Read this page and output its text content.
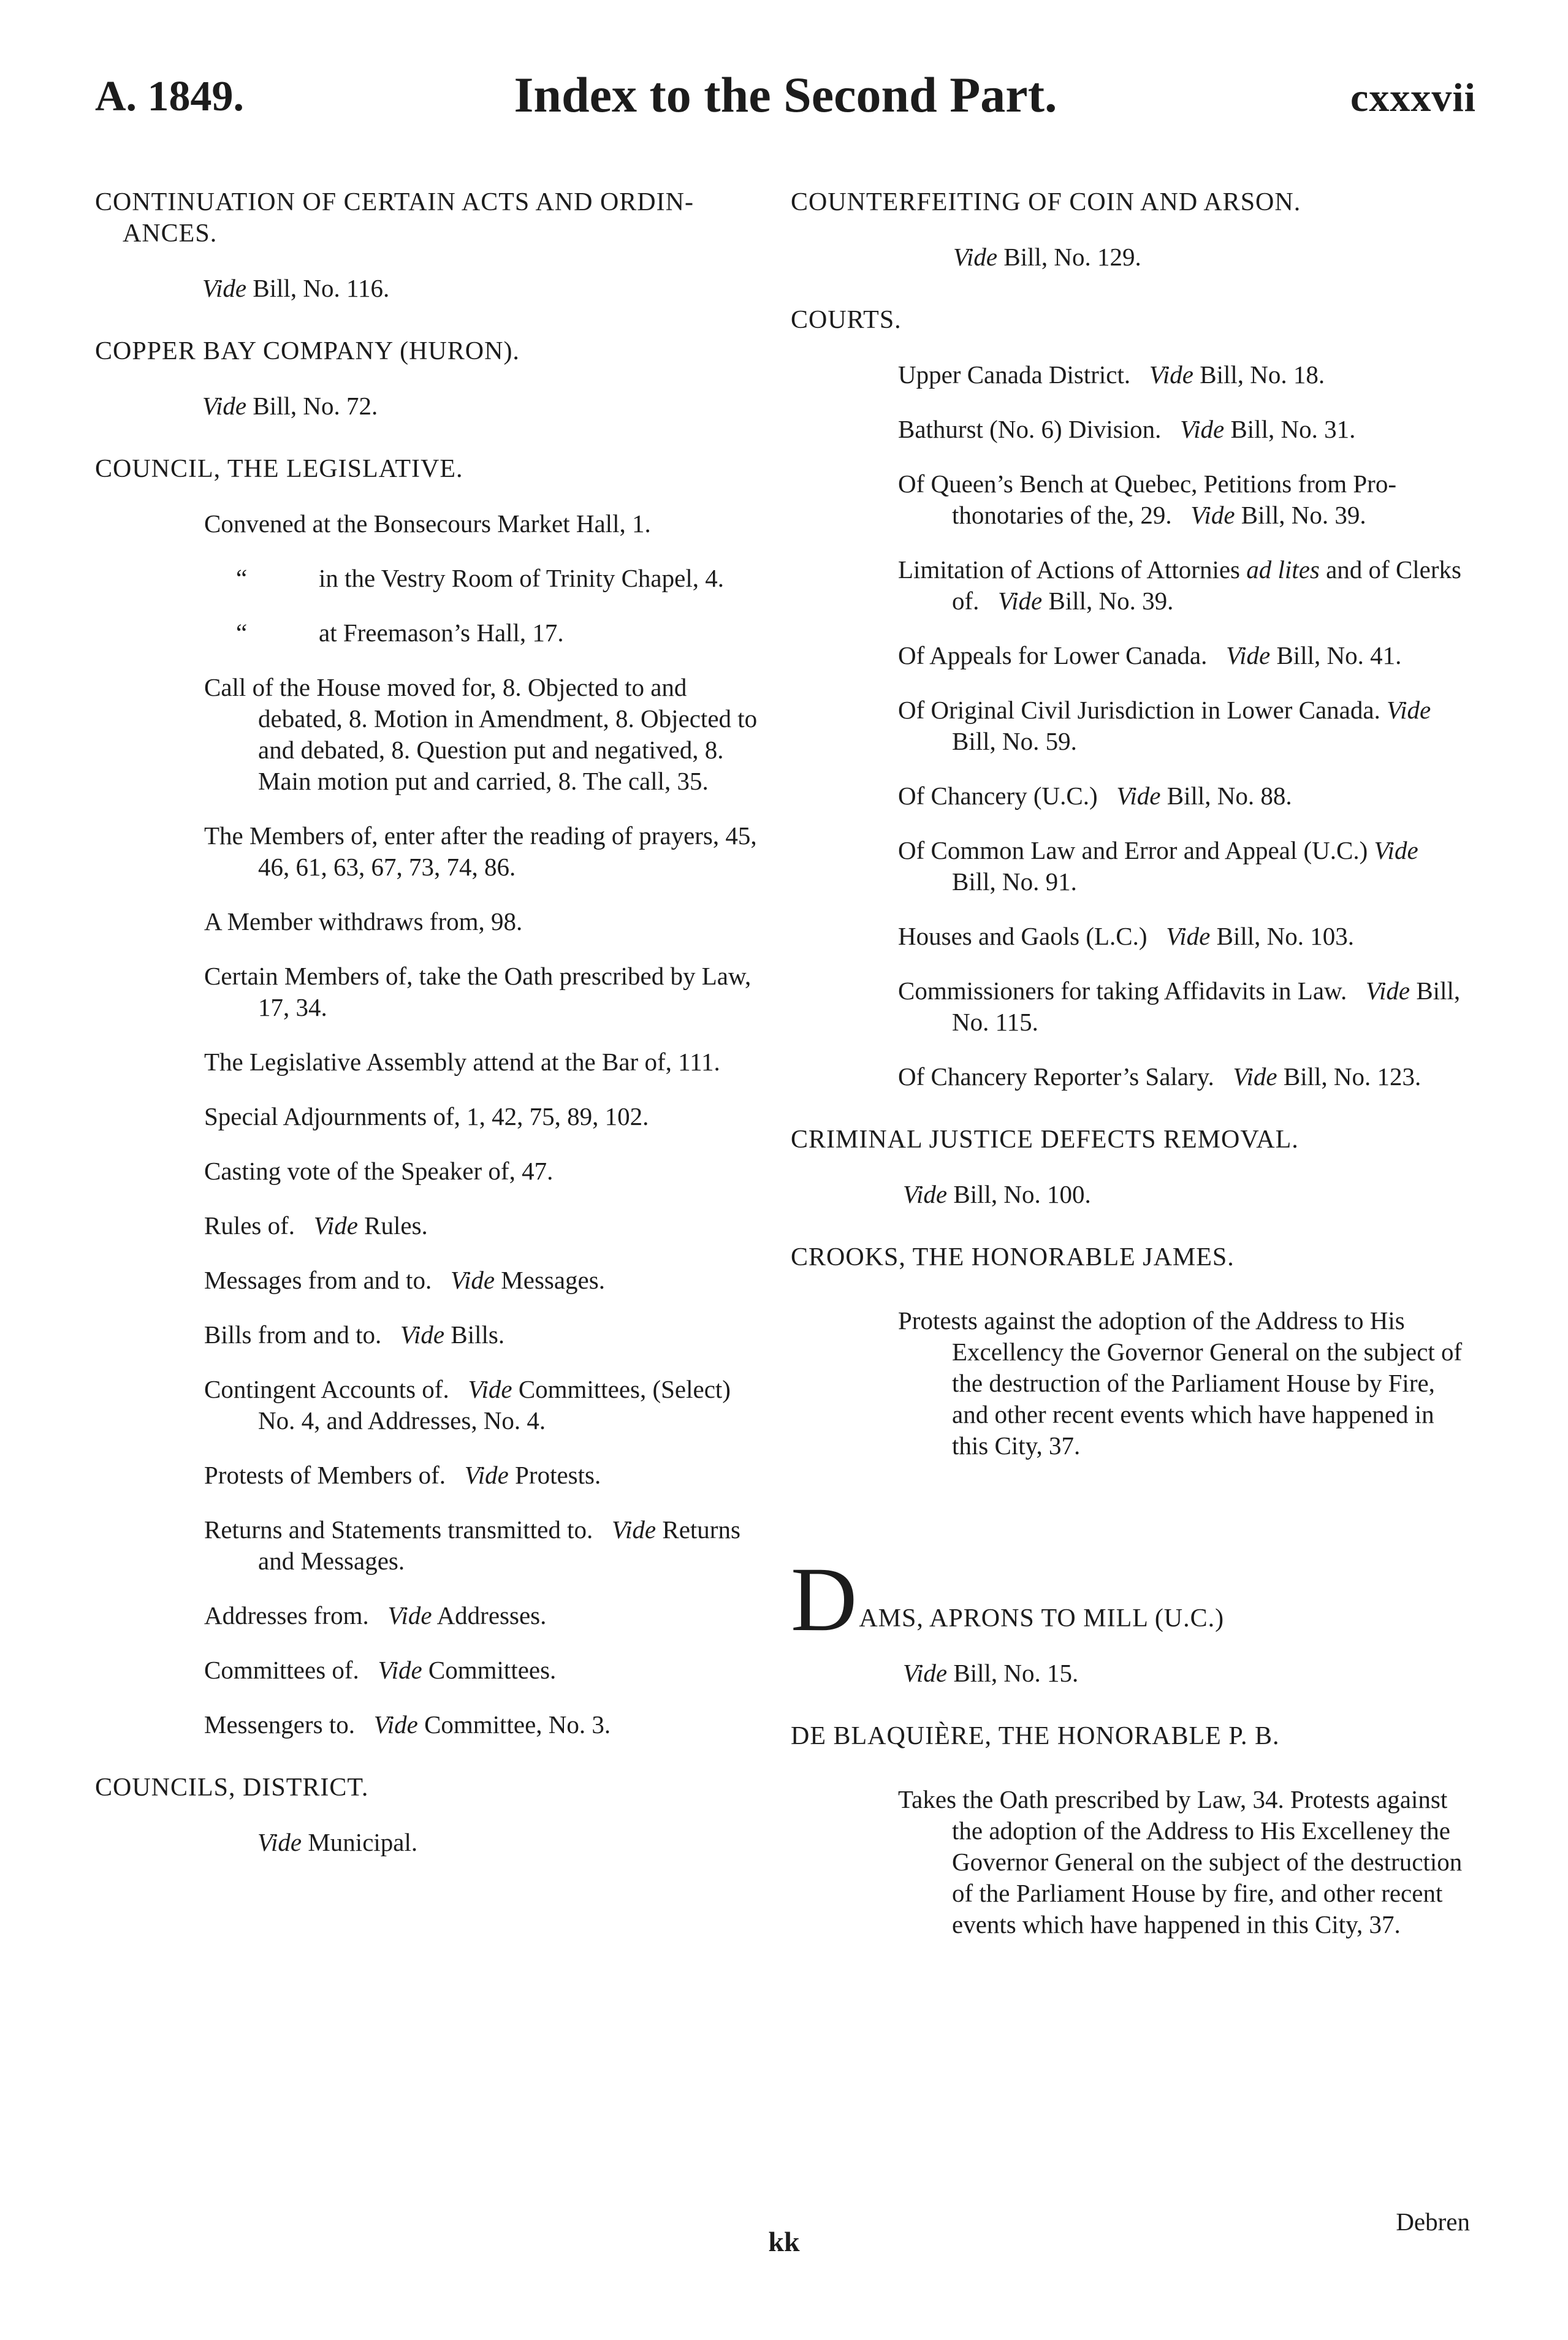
A. 1849.	Index to the Second Part.	cxxxvii
CONTINUATION OF CERTAIN ACTS AND ORDINANCES.
Vide Bill, No. 116.
COPPER BAY COMPANY (HURON).
Vide Bill, No. 72.
COUNCIL, THE LEGISLATIVE.
Convened at the Bonsecours Market Hall, 1.
“	in the Vestry Room of Trinity Chapel, 4.
“	at Freemason’s Hall, 17.
Call of the House moved for, 8. Objected to and debated, 8. Motion in Amendment, 8. Objected to and debated, 8. Question put and negatived, 8. Main motion put and carried, 8. The call, 35.
The Members of, enter after the reading of prayers, 45, 46, 61, 63, 67, 73, 74, 86.
A Member withdraws from, 98.
Certain Members of, take the Oath prescribed by Law, 17, 34.
The Legislative Assembly attend at the Bar of, 111.
Special Adjournments of, 1, 42, 75, 89, 102.
Casting vote of the Speaker of, 47.
Rules of. Vide Rules.
Messages from and to. Vide Messages.
Bills from and to. Vide Bills.
Contingent Accounts of. Vide Committees, (Select) No. 4, and Addresses, No. 4.
Protests of Members of. Vide Protests.
Returns and Statements transmitted to. Vide Returns and Messages.
Addresses from. Vide Addresses.
Committees of. Vide Committees.
Messengers to. Vide Committee, No. 3.
COUNCILS, DISTRICT.
Vide Municipal.
COUNTERFEITING OF COIN AND ARSON.
Vide Bill, No. 129.
COURTS.
Upper Canada District. Vide Bill, No. 18.
Bathurst (No. 6) Division. Vide Bill, No. 31.
Of Queen’s Bench at Quebec, Petitions from Prothonotaries of the, 29. Vide Bill, No. 39.
Limitation of Actions of Attornies ad lites and of Clerks of. Vide Bill, No. 39.
Of Appeals for Lower Canada. Vide Bill, No. 41.
Of Original Civil Jurisdiction in Lower Canada. Vide Bill, No. 59.
Of Chancery (U.C.) Vide Bill, No. 88.
Of Common Law and Error and Appeal (U.C.) Vide Bill, No. 91.
Houses and Gaols (L.C.) Vide Bill, No. 103.
Commissioners for taking Affidavits in Law. Vide Bill, No. 115.
Of Chancery Reporter’s Salary. Vide Bill, No. 123.
CRIMINAL JUSTICE DEFECTS REMOVAL.
Vide Bill, No. 100.
CROOKS, THE HONORABLE JAMES.
Protests against the adoption of the Address to His Excellency the Governor General on the subject of the destruction of the Parliament House by Fire, and other recent events which have happened in this City, 37.
DAMS, APRONS TO MILL (U.C.)
Vide Bill, No. 15.
DE BLAQUIÈRE, THE HONORABLE P. B.
Takes the Oath prescribed by Law, 34. Protests against the adoption of the Address to His Excelleney the Governor General on the subject of the destruction of the Parliament House by fire, and other recent events which have happened in this City, 37.
Debren
kk
